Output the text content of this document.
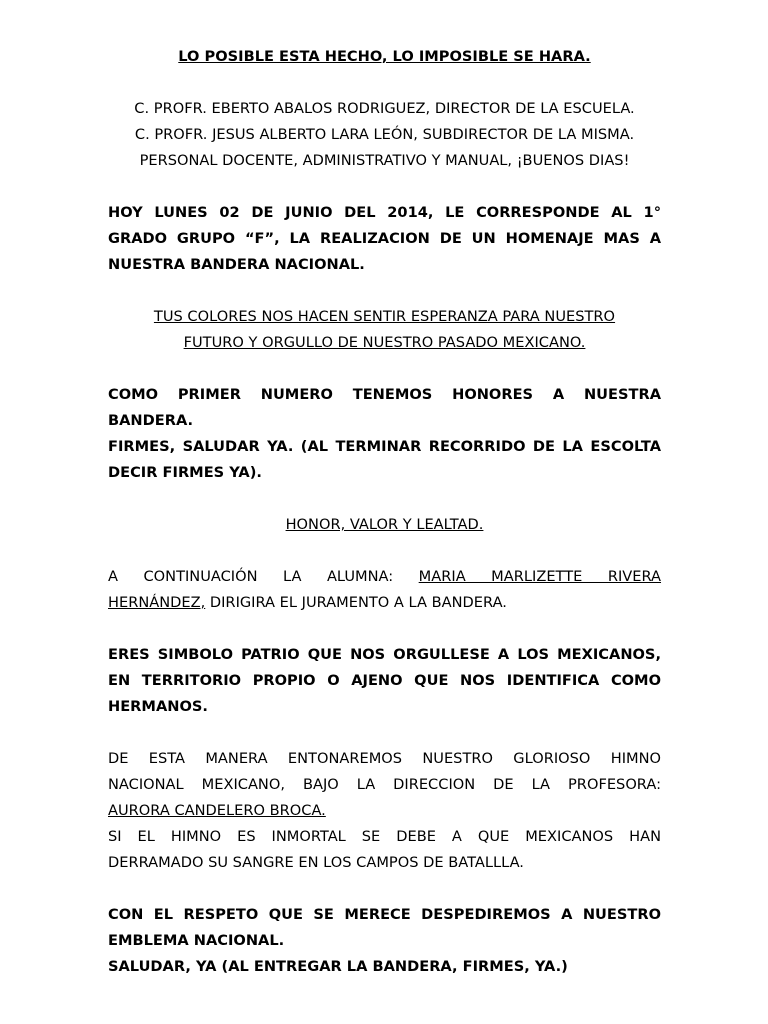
LO POSIBLE ESTA HECHO, LO IMPOSIBLE SE HARA.

C. PROFR. EBERTO ABALOS RODRIGUEZ, DIRECTOR DE LA ESCUELA.
C. PROFR. JESUS ALBERTO LARA LEÓN, SUBDIRECTOR DE LA MISMA.
PERSONAL DOCENTE, ADMINISTRATIVO Y MANUAL, ¡BUENOS DIAS!
HOY LUNES 02 DE JUNIO DEL 2014, LE CORRESPONDE AL 1°
GRADO GRUPO “F”, LA REALIZACION DE UN HOMENAJE MAS A
NUESTRA BANDERA NACIONAL.
TUS COLORES NOS HACEN SENTIR ESPERANZA PARA NUESTRO
FUTURO Y ORGULLO DE NUESTRO PASADO MEXICANO.
COMO PRIMER NUMERO TENEMOS HONORES A NUESTRA
BANDERA.
FIRMES, SALUDAR YA. (AL TERMINAR RECORRIDO DE LA ESCOLTA
DECIR FIRMES YA).

HONOR, VALOR Y LEALTAD.

A CONTINUACIÓN LA ALUMNA: MARIA MARLIZETTE RIVERA
HERNÁNDEZ, DIRIGIRA EL JURAMENTO A LA BANDERA.
ERES SIMBOLO PATRIO QUE NOS ORGULLESE A LOS MEXICANOS,
EN TERRITORIO PROPIO O AJENO QUE NOS IDENTIFICA COMO
HERMANOS.
DE ESTA MANERA ENTONAREMOS NUESTRO GLORIOSO HIMNO
NACIONAL MEXICANO, BAJO LA DIRECCION DE LA PROFESORA:
AURORA CANDELERO BROCA.
SI EL HIMNO ES INMORTAL SE DEBE A QUE MEXICANOS HAN
DERRAMADO SU SANGRE EN LOS CAMPOS DE BATALLLA.
CON EL RESPETO QUE SE MERECE DESPEDIREMOS A NUESTRO
EMBLEMA NACIONAL.
SALUDAR, YA (AL ENTREGAR LA BANDERA, FIRMES, YA.)
